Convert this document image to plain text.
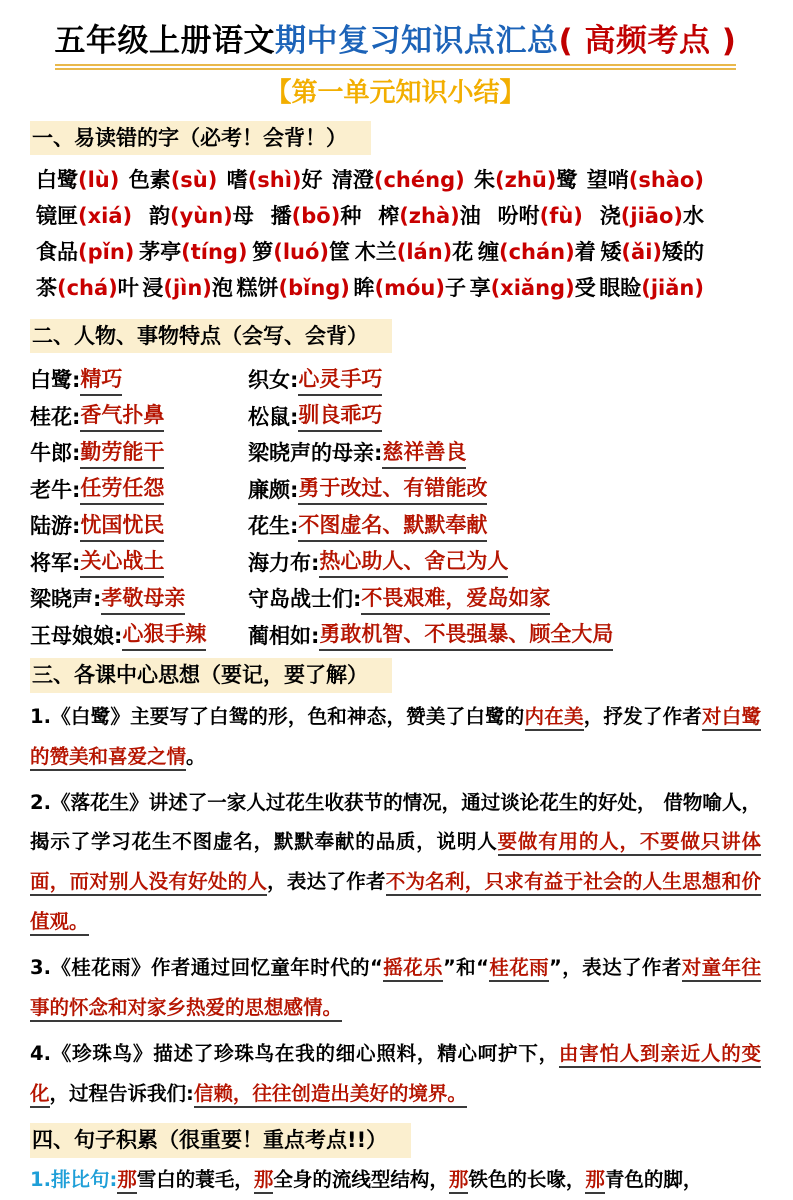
五年级上册语文期中复习知识点汇总( 高频考点 )
【第一单元知识小结】
一、易读错的字（必考！会背！）
白鹭(lù) 色素(sù) 嗜(shì)好 清澄(chéng) 朱(zhū)鹭 望哨(shào)
镜匣(xiá) 韵(yùn)母 播(bō)种 榨(zhà)油 吩咐(fù) 浇(jiāo)水
食品(pǐn) 茅亭(tíng) 箩(luó)筐 木兰(lán)花 缠(chán)着 矮(ǎi)矮的
茶(chá)叶 浸(jìn)泡 糕饼(bǐng) 眸(móu)子 享(xiǎng)受 眼睑(jiǎn)
二、人物、事物特点（会写、会背）
白鹭: 精巧	织女: 心灵手巧
桂花: 香气扑鼻	松鼠: 驯良乖巧
牛郎: 勤劳能干	梁晓声的母亲: 慈祥善良
老牛: 任劳任怨	廉颇: 勇于改过、有错能改
陆游: 忧国忧民	花生: 不图虚名、默默奉献
将军: 关心战土	海力布: 热心助人、舍己为人
梁晓声: 孝敬母亲	守岛战士们: 不畏艰难，爱岛如家
王母娘娘: 心狠手辣 蔺相如: 勇敢机智、不畏强暴、顾全大局
三、各课中心思想（要记，要了解）

1.《白鹭》主要写了白鸳的形，色和神态，赞美了白鹭的内在美，抒发了作者对白鹭的赞美和喜爱之情。

2.《落花生》讲述了一家人过花生收获节的情况，通过谈论花生的好处， 借物喻人，揭示了学习花生不图虚名，默默奉献的品质，说明人要做有用的人，不要做只讲体面，而对别人没有好处的人，表达了作者不为名利，只求有益于社会的人生思想和价值观。

3.《桂花雨》作者通过回忆童年时代的“摇花乐”和“桂花雨”，表达了作者对童年往事的怀念和对家乡热爱的思想感情。

4.《珍珠鸟》描述了珍珠鸟在我的细心照料，精心呵护下，由害怕人到亲近人的变化，过程告诉我们:信赖，往往创造出美好的境界。

四、句子积累（很重要！重点考点!!）

1.排比句:那雪白的蓑毛，那全身的流线型结构，那铁色的长喙，那青色的脚，
